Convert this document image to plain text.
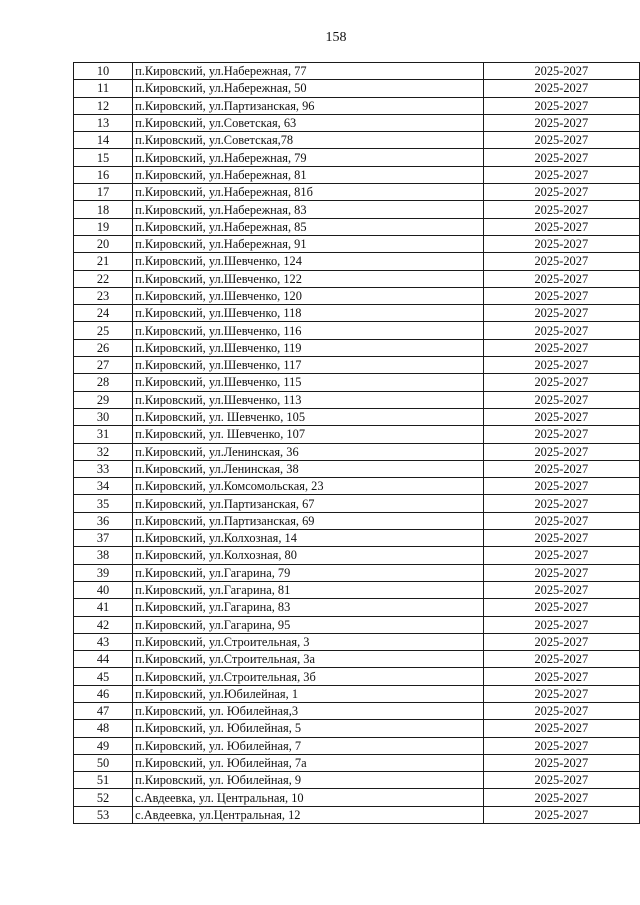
158
10	п.Кировский, ул.Набережная, 77	2025-2027
11	п.Кировский, ул.Набережная, 50	2025-2027
12	п.Кировский, ул.Партизанская, 96	2025-2027
13	п.Кировский, ул.Советская, 63	2025-2027
14	п.Кировский, ул.Советская,78	2025-2027
15	п.Кировский, ул.Набережная, 79	2025-2027
16	п.Кировский, ул.Набережная, 81	2025-2027
17	п.Кировский, ул.Набережная, 81б	2025-2027
18	п.Кировский, ул.Набережная, 83	2025-2027
19	п.Кировский, ул.Набережная, 85	2025-2027
20	п.Кировский, ул.Набережная, 91	2025-2027
21	п.Кировский, ул.Шевченко, 124	2025-2027
22	п.Кировский, ул.Шевченко, 122	2025-2027
23	п.Кировский, ул.Шевченко, 120	2025-2027
24	п.Кировский, ул.Шевченко, 118	2025-2027
25	п.Кировский, ул.Шевченко, 116	2025-2027
26	п.Кировский, ул.Шевченко, 119	2025-2027
27	п.Кировский, ул.Шевченко, 117	2025-2027
28	п.Кировский, ул.Шевченко, 115	2025-2027
29	п.Кировский, ул.Шевченко, 113	2025-2027
30	п.Кировский, ул. Шевченко, 105	2025-2027
31	п.Кировский, ул. Шевченко, 107	2025-2027
32	п.Кировский, ул.Ленинская, 36	2025-2027
33	п.Кировский, ул.Ленинская, 38	2025-2027
34	п.Кировский, ул.Комсомольская, 23	2025-2027
35	п.Кировский, ул.Партизанская, 67	2025-2027
36	п.Кировский, ул.Партизанская, 69	2025-2027
37	п.Кировский, ул.Колхозная, 14	2025-2027
38	п.Кировский, ул.Колхозная, 80	2025-2027
39	п.Кировский, ул.Гагарина, 79	2025-2027
40	п.Кировский, ул.Гагарина, 81	2025-2027
41	п.Кировский, ул.Гагарина, 83	2025-2027
42	п.Кировский, ул.Гагарина, 95	2025-2027
43	п.Кировский, ул.Строительная, 3	2025-2027
44	п.Кировский, ул.Строительная, 3а	2025-2027
45	п.Кировский, ул.Строительная, 3б	2025-2027
46	п.Кировский, ул.Юбилейная, 1	2025-2027
47	п.Кировский, ул. Юбилейная,3	2025-2027
48	п.Кировский, ул. Юбилейная, 5	2025-2027
49	п.Кировский, ул. Юбилейная, 7	2025-2027
50	п.Кировский, ул. Юбилейная, 7а	2025-2027
51	п.Кировский, ул. Юбилейная, 9	2025-2027
52	с.Авдеевка, ул. Центральная, 10	2025-2027
53	с.Авдеевка, ул.Центральная, 12	2025-2027
